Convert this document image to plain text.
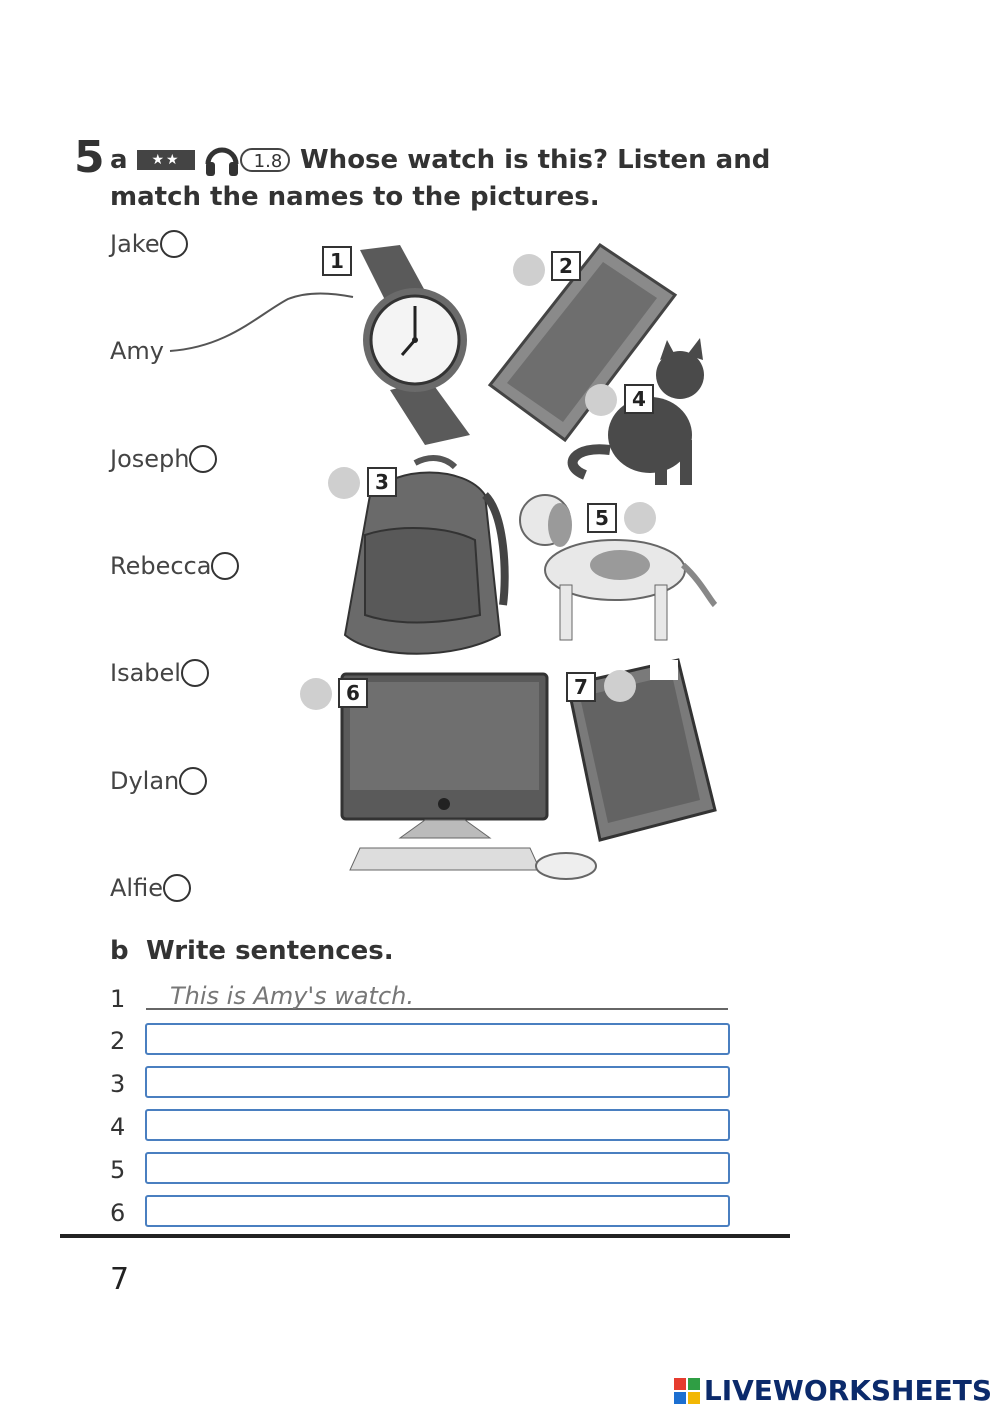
5 a	★★	1.8 Whose watch is this? Listen and
match the names to the pictures.
Jake
Amy
Joseph
Rebecca
Isabel
Dylan
Alfie
1	2
4
3
5
6	7
b Write sentences.
1	This is Amy's watch.
2
3
4
5
6
7
LIVEWORKSHEETS
